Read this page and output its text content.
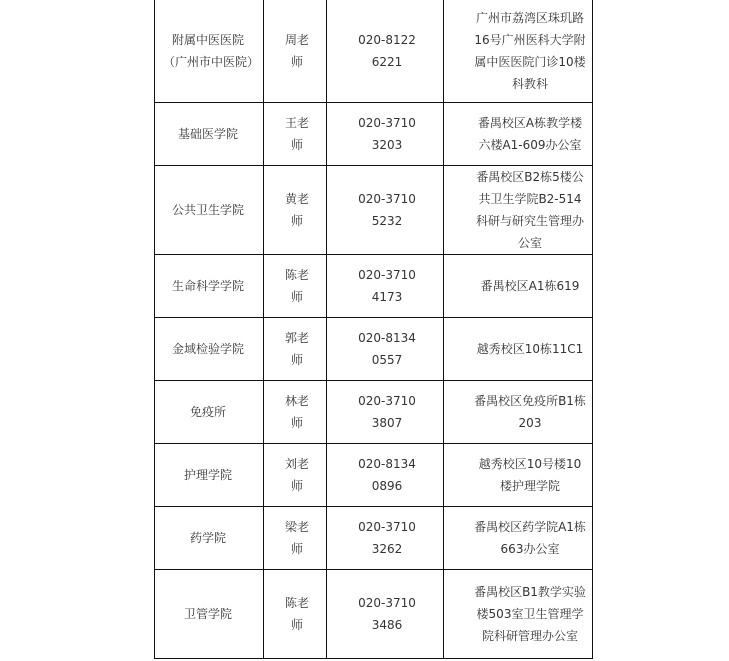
附属中医医院（广州市中医院）	周老师	020-81226221	广州市荔湾区珠玑路16号广州医科大学附属中医医院门诊10楼科教科

基础医学院	王老师	020-37103203	番禺校区A栋教学楼六楼A1-609办公室

公共卫生学院	黄老师	020-37105232	番禺校区B2栋5楼公共卫生学院B2-514科研与研究生管理办公室

生命科学学院	陈老师	020-37104173	番禺校区A1栋619

金域检验学院	郭老师	020-81340557	越秀校区10栋11C1

免疫所	林老师	020-37103807	番禺校区免疫所B1栋203

护理学院	刘老师	020-81340896	越秀校区10号楼10楼护理学院

药学院	梁老师	020-37103262	番禺校区药学院A1栋663办公室

卫管学院	陈老师	020-37103486	番禺校区B1教学实验楼503室卫生管理学院科研管理办公室
